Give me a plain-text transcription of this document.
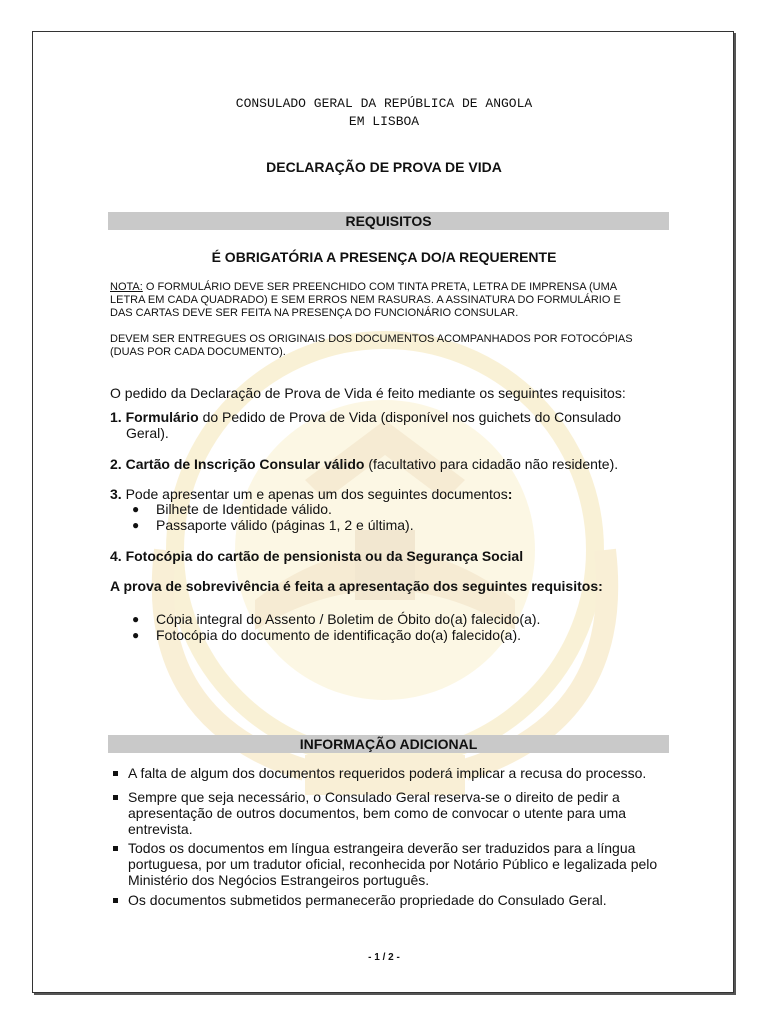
CONSULADO GERAL DA REPÚBLICA DE ANGOLA
EM LISBOA
DECLARAÇÃO DE PROVA DE VIDA
REQUISITOS
É OBRIGATÓRIA A PRESENÇA DO/A REQUERENTE
NOTA: O FORMULÁRIO DEVE SER PREENCHIDO COM TINTA PRETA, LETRA DE IMPRENSA (UMA
LETRA EM CADA QUADRADO) E SEM ERROS NEM RASURAS. A ASSINATURA DO FORMULÁRIO E
DAS CARTAS DEVE SER FEITA NA PRESENÇA DO FUNCIONÁRIO CONSULAR.
DEVEM SER ENTREGUES OS ORIGINAIS DOS DOCUMENTOS ACOMPANHADOS POR FOTOCÓPIAS
(DUAS POR CADA DOCUMENTO).
O pedido da Declaração de Prova de Vida é feito mediante os seguintes requisitos:
1. Formulário do Pedido de Prova de Vida (disponível nos guichets do Consulado
Geral).
2. Cartão de Inscrição Consular válido (facultativo para cidadão não residente).
3. Pode apresentar um e apenas um dos seguintes documentos:
● Bilhete de Identidade válido.
● Passaporte válido (páginas 1, 2 e última).
4. Fotocópia do cartão de pensionista ou da Segurança Social
A prova de sobrevivência é feita a apresentação dos seguintes requisitos:
● Cópia integral do Assento / Boletim de Óbito do(a) falecido(a).
● Fotocópia do documento de identificação do(a) falecido(a).
INFORMAÇÃO ADICIONAL
A falta de algum dos documentos requeridos poderá implicar a recusa do processo.
Sempre que seja necessário, o Consulado Geral reserva-se o direito de pedir a
apresentação de outros documentos, bem como de convocar o utente para uma
entrevista.
Todos os documentos em língua estrangeira deverão ser traduzidos para a língua
portuguesa, por um tradutor oficial, reconhecida por Notário Público e legalizada pelo
Ministério dos Negócios Estrangeiros português.
Os documentos submetidos permanecerão propriedade do Consulado Geral.
- 1 / 2 -
